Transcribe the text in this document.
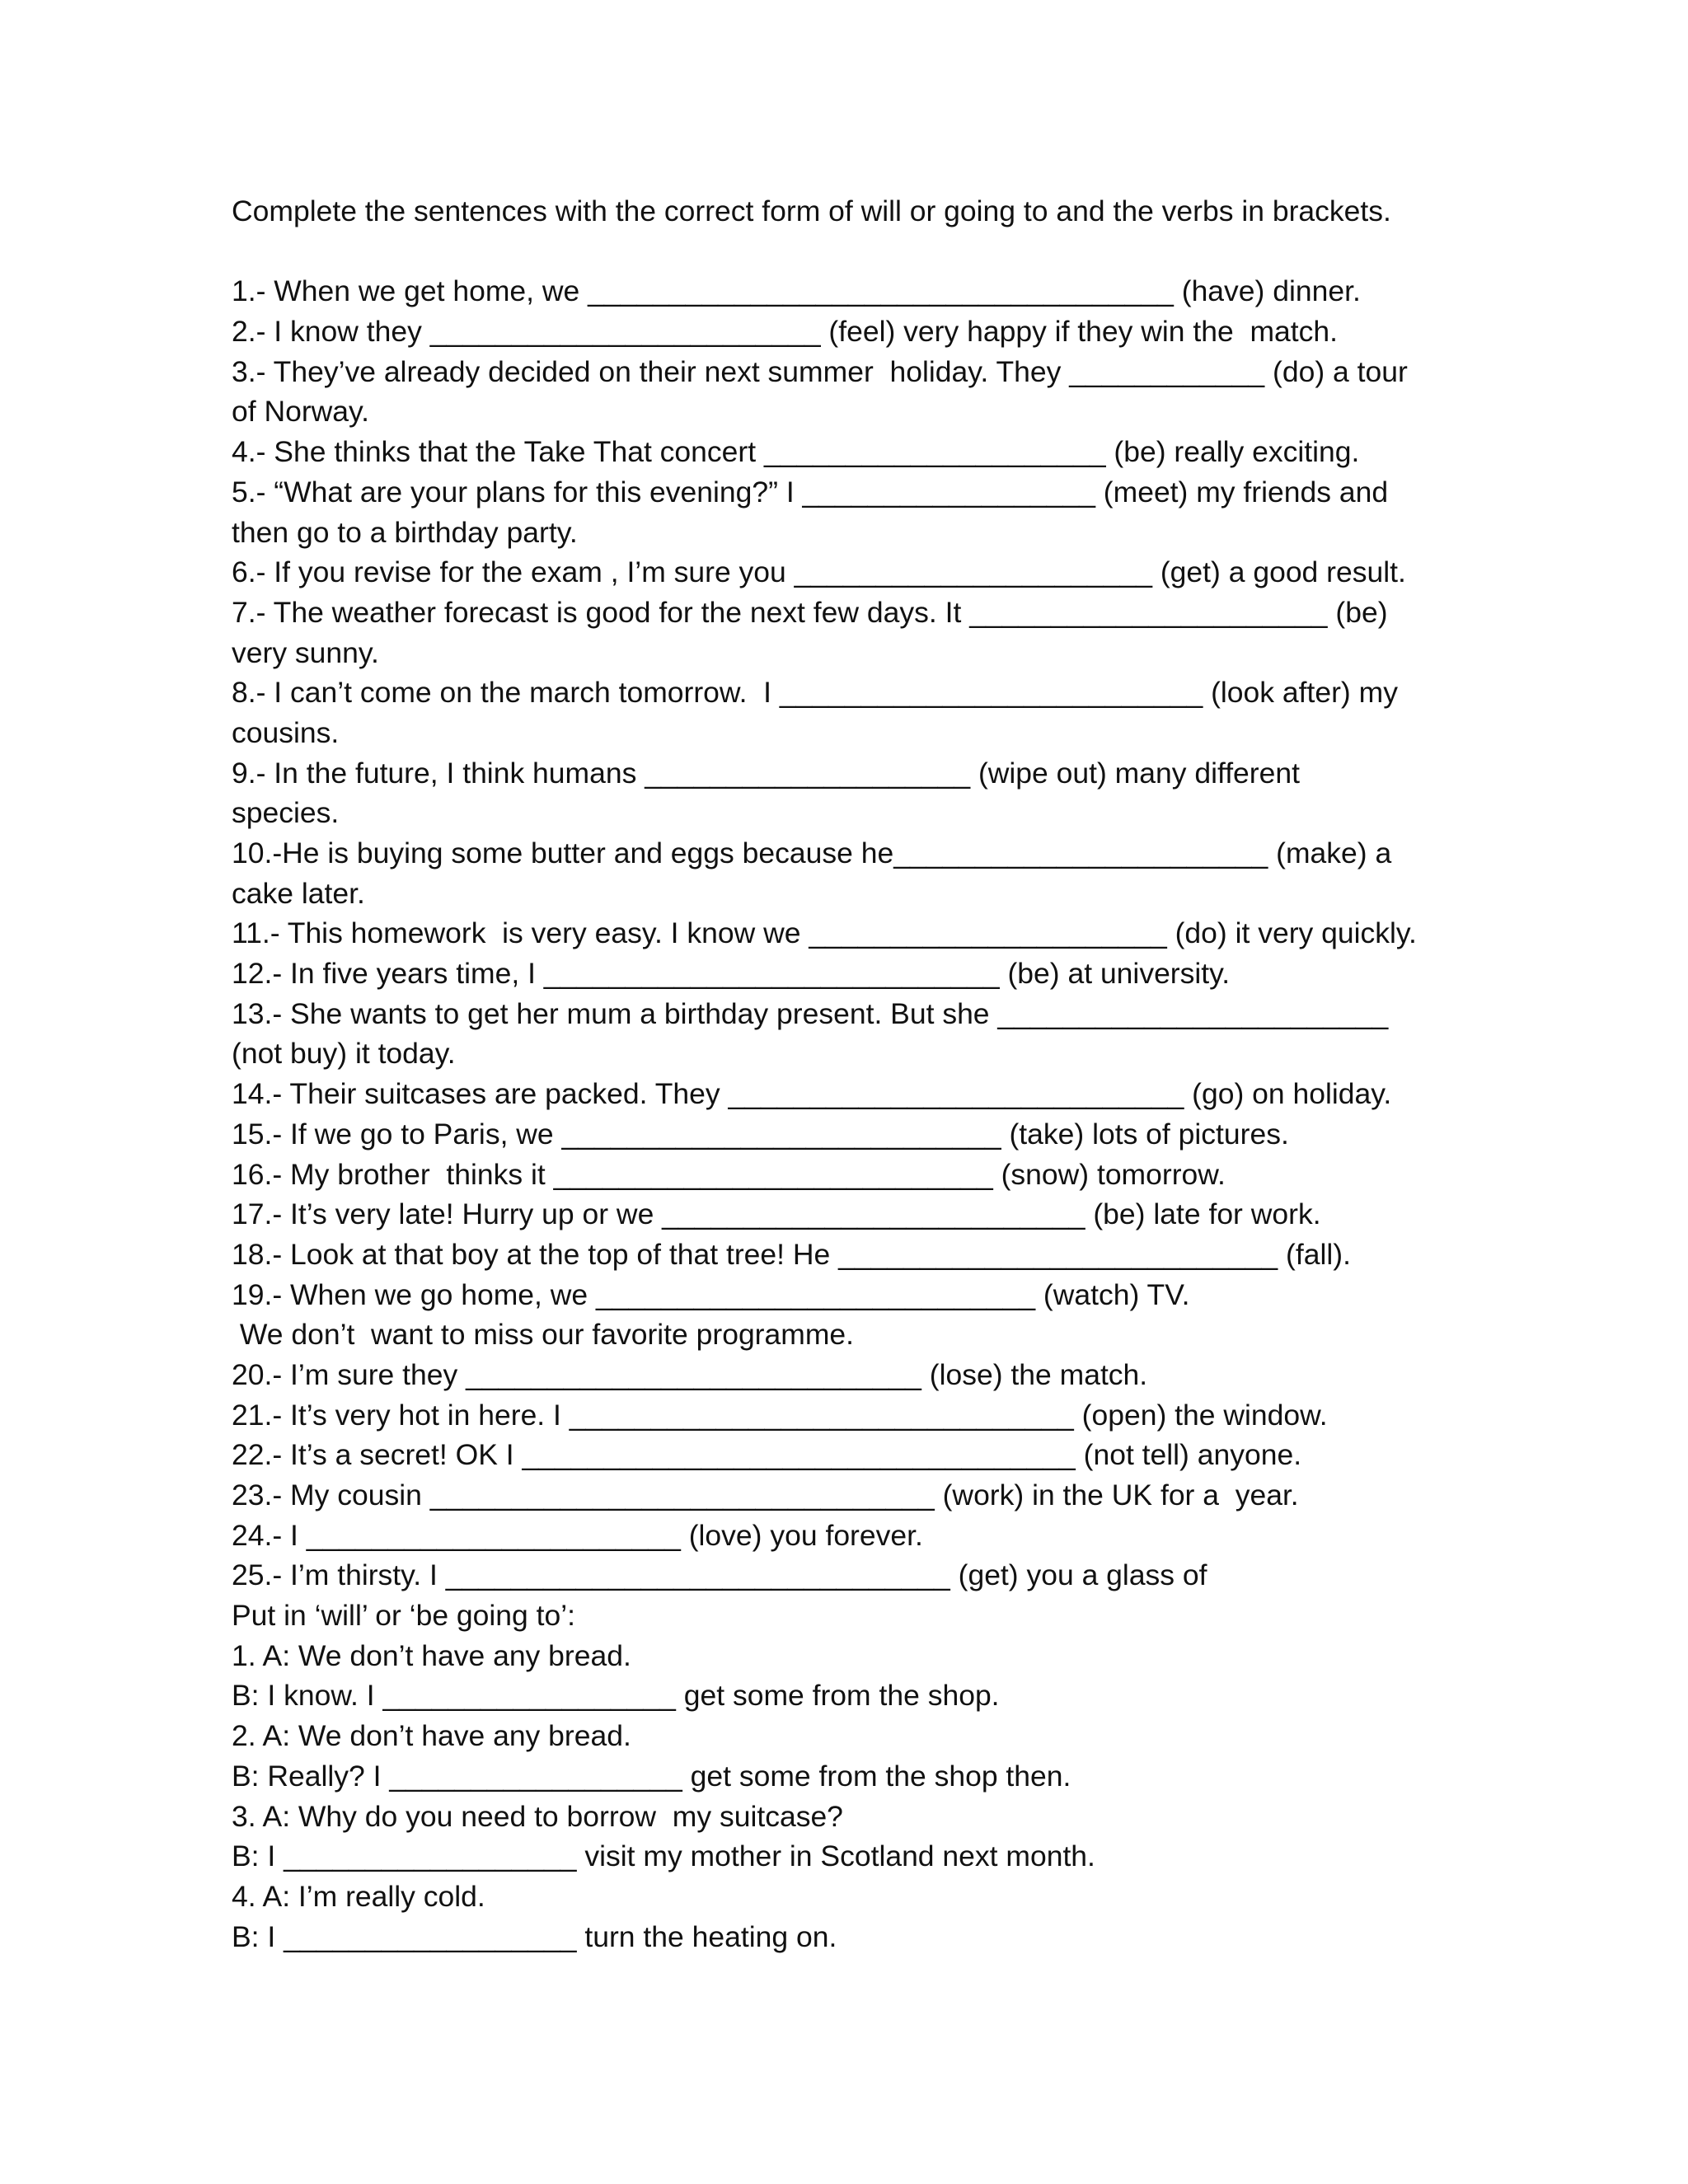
Complete the sentences with the correct form of will or going to and the verbs in brackets.
1.- When we get home, we ____________________________________ (have) dinner.
2.- I know they ________________________ (feel) very happy if they win the  match.
3.- They’ve already decided on their next summer  holiday. They ____________ (do) a tour
of Norway.
4.- She thinks that the Take That concert _____________________ (be) really exciting.
5.- “What are your plans for this evening?” I __________________ (meet) my friends and
then go to a birthday party.
6.- If you revise for the exam , I’m sure you ______________________ (get) a good result.
7.- The weather forecast is good for the next few days. It ______________________ (be)
very sunny.
8.- I can’t come on the march tomorrow.  I __________________________ (look after) my
cousins.
9.- In the future, I think humans ____________________ (wipe out) many different
species.
10.-He is buying some butter and eggs because he_______________________ (make) a
cake later.
11.- This homework  is very easy. I know we ______________________ (do) it very quickly.
12.- In five years time, I ____________________________ (be) at university.
13.- She wants to get her mum a birthday present. But she ________________________
(not buy) it today.
14.- Their suitcases are packed. They ____________________________ (go) on holiday.
15.- If we go to Paris, we ___________________________ (take) lots of pictures.
16.- My brother  thinks it ___________________________ (snow) tomorrow.
17.- It’s very late! Hurry up or we __________________________ (be) late for work.
18.- Look at that boy at the top of that tree! He ___________________________ (fall).
19.- When we go home, we ___________________________ (watch) TV.
We don’t  want to miss our favorite programme.
20.- I’m sure they ____________________________ (lose) the match.
21.- It’s very hot in here. I _______________________________ (open) the window.
22.- It’s a secret! OK I __________________________________ (not tell) anyone.
23.- My cousin _______________________________ (work) in the UK for a  year.
24.- I _______________________ (love) you forever.
25.- I’m thirsty. I _______________________________ (get) you a glass of
Put in ‘will’ or ‘be going to’:
1. A: We don’t have any bread.
B: I know. I __________________ get some from the shop.
2. A: We don’t have any bread.
B: Really? I __________________ get some from the shop then.
3. A: Why do you need to borrow  my suitcase?
B: I __________________ visit my mother in Scotland next month.
4. A: I’m really cold.
B: I __________________ turn the heating on.
